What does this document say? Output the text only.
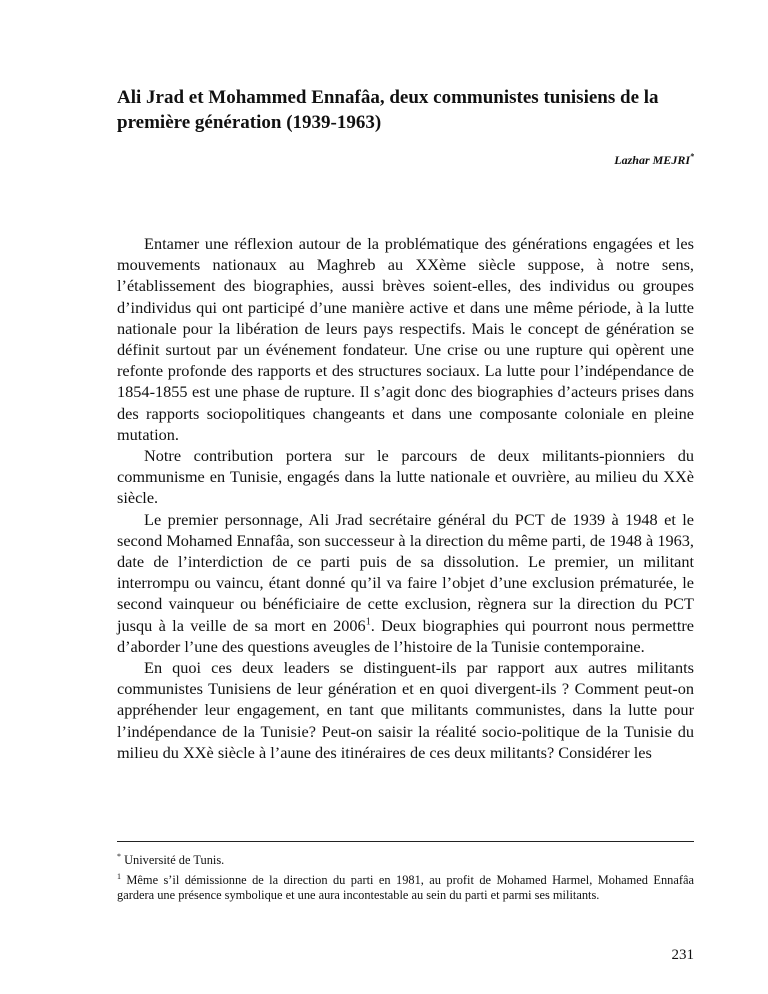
Ali Jrad et Mohammed Ennafâa, deux communistes tunisiens de la première génération (1939-1963)
Lazhar MEJRI*

Entamer une réflexion autour de la problématique des générations engagées et les mouvements nationaux au Maghreb au XXème siècle suppose, à notre sens, l’établissement des biographies, aussi brèves soient-elles, des individus ou groupes d’individus qui ont participé d’une manière active et dans une même période, à la lutte nationale pour la libération de leurs pays respectifs. Mais le concept de génération se définit surtout par un événement fondateur. Une crise ou une rupture qui opèrent une refonte profonde des rapports et des structures sociaux. La lutte pour l’indépendance de 1854-1855 est une phase de rupture. Il s’agit donc des biographies d’acteurs prises dans des rapports sociopolitiques changeants et dans une composante coloniale en pleine mutation.

Notre contribution portera sur le parcours de deux militants-pionniers du communisme en Tunisie, engagés dans la lutte nationale et ouvrière, au milieu du XXè siècle.

Le premier personnage, Ali Jrad secrétaire général du PCT de 1939 à 1948 et le second Mohamed Ennafâa, son successeur à la direction du même parti, de 1948 à 1963, date de l’interdiction de ce parti puis de sa dissolution. Le premier, un militant interrompu ou vaincu, étant donné qu’il va faire l’objet d’une exclusion prématurée, le second vainqueur ou bénéficiaire de cette exclusion, règnera sur la direction du PCT jusqu à la veille de sa mort en 2006$^1$. Deux biographies qui pourront nous permettre d’aborder l’une des questions aveugles de l’histoire de la Tunisie contemporaine.

En quoi ces deux leaders se distinguent-ils par rapport aux autres militants communistes Tunisiens de leur génération et en quoi divergent-ils ? Comment peut-on appréhender leur engagement, en tant que militants communistes, dans la lutte pour l’indépendance de la Tunisie? Peut-on saisir la réalité socio-politique de la Tunisie du milieu du XXè siècle à l’aune des itinéraires de ces deux militants? Considérer les

* Université de Tunis.

$^1$ Même s’il démissionne de la direction du parti en 1981, au profit de Mohamed Harmel, Mohamed Ennafâa gardera une présence symbolique et une aura incontestable au sein du parti et parmi ses militants.

231
